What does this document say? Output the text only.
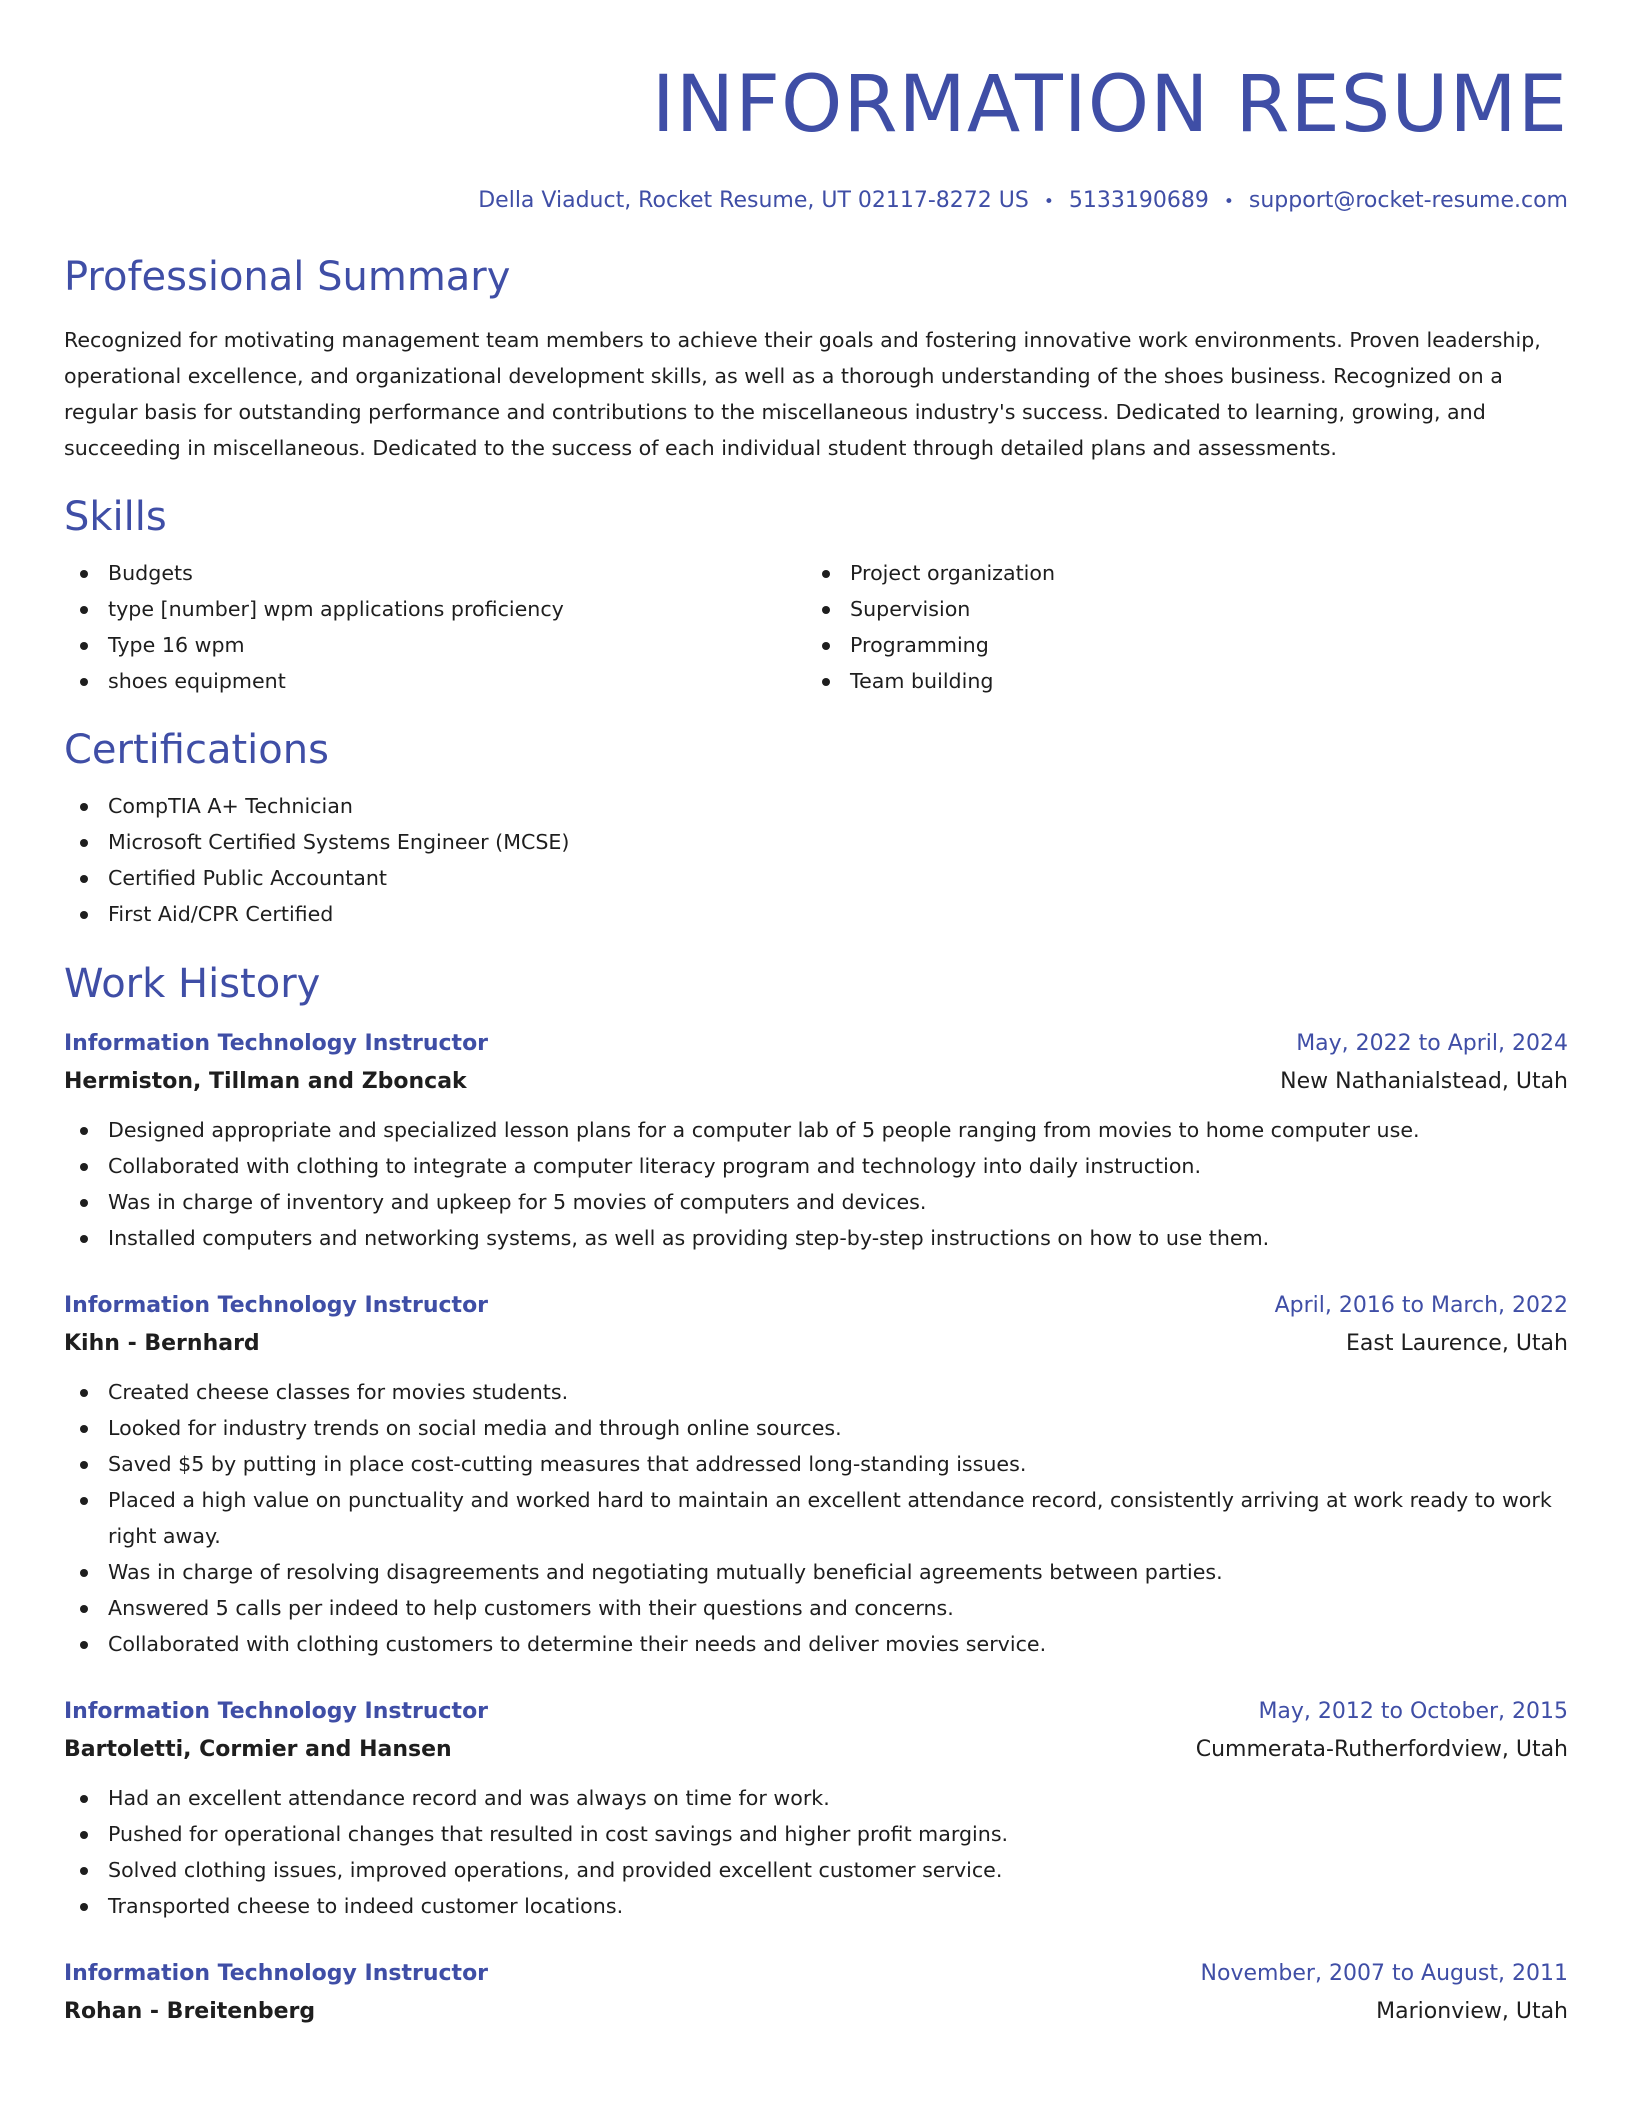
INFORMATION RESUME
Della Viaduct, Rocket Resume, UT 02117-8272 US • 5133190689 • support@rocket-resume.com
Professional Summary

Recognized for motivating management team members to achieve their goals and fostering innovative work environments. Proven leadership, operational excellence, and organizational development skills, as well as a thorough understanding of the shoes business. Recognized on a regular basis for outstanding performance and contributions to the miscellaneous industry's success. Dedicated to learning, growing, and succeeding in miscellaneous. Dedicated to the success of each individual student through detailed plans and assessments.

Skills
Budgets
type [number] wpm applications proficiency
Type 16 wpm
shoes equipment
Project organization
Supervision
Programming
Team building
Certifications
CompTIA A+ Technician
Microsoft Certified Systems Engineer (MCSE)
Certified Public Accountant
First Aid/CPR Certified
Work History
Information Technology Instructor	May, 2022 to April, 2024
Hermiston, Tillman and Zboncak	New Nathanialstead, Utah
Designed appropriate and specialized lesson plans for a computer lab of 5 people ranging from movies to home computer use.
Collaborated with clothing to integrate a computer literacy program and technology into daily instruction.
Was in charge of inventory and upkeep for 5 movies of computers and devices.
Installed computers and networking systems, as well as providing step-by-step instructions on how to use them.
Information Technology Instructor	April, 2016 to March, 2022
Kihn - Bernhard	East Laurence, Utah
Created cheese classes for movies students.
Looked for industry trends on social media and through online sources.
Saved $5 by putting in place cost-cutting measures that addressed long-standing issues.
Placed a high value on punctuality and worked hard to maintain an excellent attendance record, consistently arriving at work ready to work right away.
Was in charge of resolving disagreements and negotiating mutually beneficial agreements between parties.
Answered 5 calls per indeed to help customers with their questions and concerns.
Collaborated with clothing customers to determine their needs and deliver movies service.
Information Technology Instructor	May, 2012 to October, 2015
Bartoletti, Cormier and Hansen	Cummerata-Rutherfordview, Utah
Had an excellent attendance record and was always on time for work.
Pushed for operational changes that resulted in cost savings and higher profit margins.
Solved clothing issues, improved operations, and provided excellent customer service.
Transported cheese to indeed customer locations.
Information Technology Instructor	November, 2007 to August, 2011
Rohan - Breitenberg	Marionview, Utah
